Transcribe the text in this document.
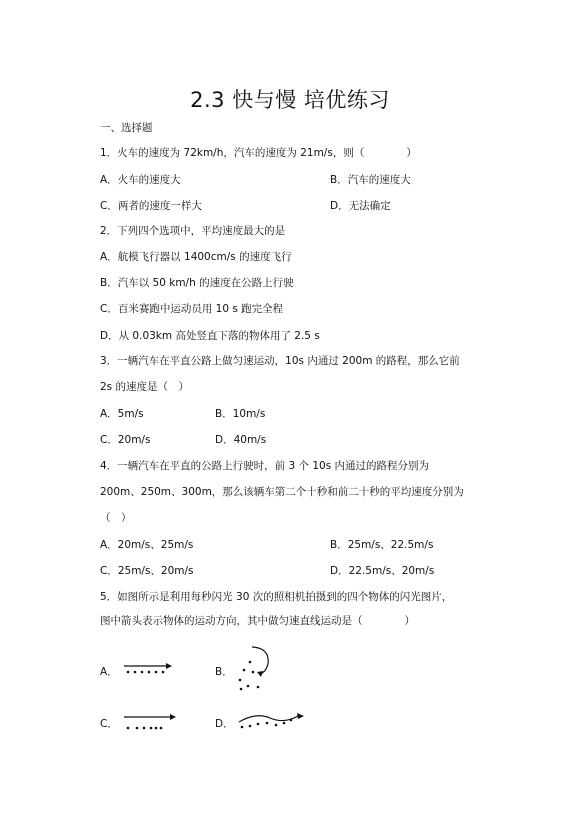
2.3 快与慢 培优练习
一、选择题
1．火车的速度为 72km/h，汽车的速度为 21m/s，则（　　　　）
A．火车的速度大	B．汽车的速度大
C．两者的速度一样大	D．无法确定
2．下列四个选项中，平均速度最大的是
A．航模飞行器以 1400cm/s 的速度飞行
B．汽车以 50 km/h 的速度在公路上行驶
C．百米赛跑中运动员用 10 s 跑完全程
D．从 0.03km 高处竖直下落的物体用了 2.5 s
3．一辆汽车在平直公路上做匀速运动，10s 内通过 200m 的路程，那么它前
2s 的速度是（　）
A．5m/s	B．10m/s
C．20m/s	D．40m/s
4．一辆汽车在平直的公路上行驶时，前 3 个 10s 内通过的路程分别为
200m、250m、300m，那么该辆车第二个十秒和前二十秒的平均速度分别为
（　）
A．20m/s、25m/s	B．25m/s、22.5m/s
C．25m/s、20m/s	D．22.5m/s、20m/s
5．如图所示是利用每秒闪光 30 次的照相机拍摄到的四个物体的闪光图片，
图中箭头表示物体的运动方向，其中做匀速直线运动是（　　　　）
A．	B．
C．	D．
